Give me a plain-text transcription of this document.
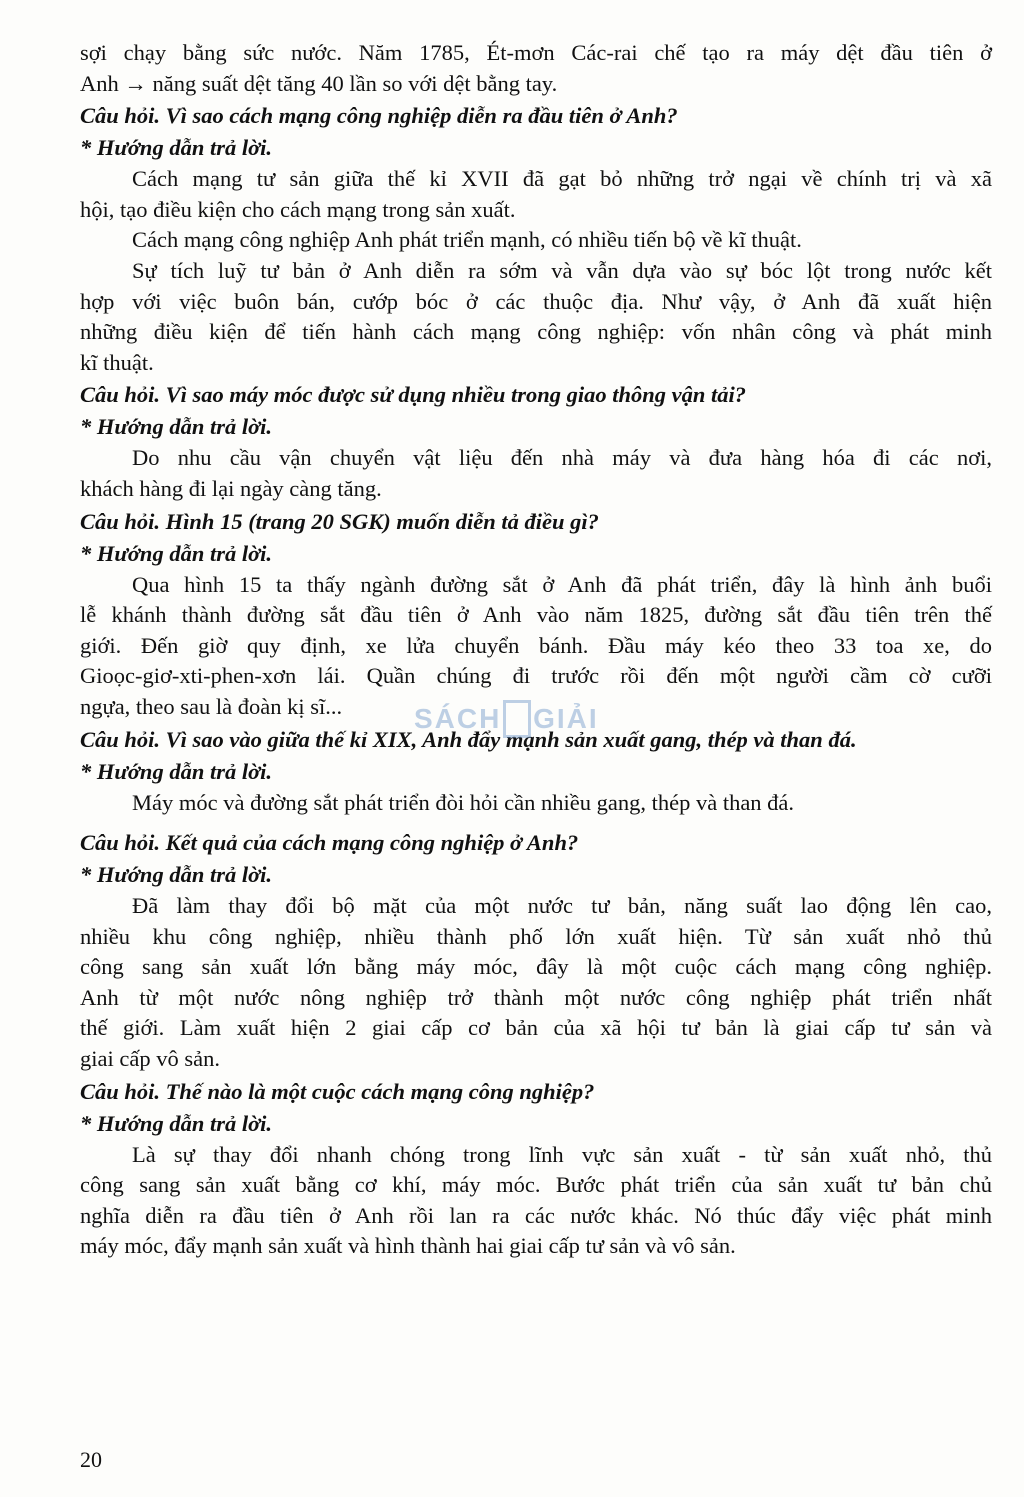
sợi chạy bằng sức nước. Năm 1785, Ét-mơn Các-rai chế tạo ra máy dệt đầu tiên ở
Anh → năng suất dệt tăng 40 lần so với dệt bằng tay.
Câu hỏi. Vì sao cách mạng công nghiệp diễn ra đầu tiên ở Anh?
* Hướng dẫn trả lời.
Cách mạng tư sản giữa thế kỉ XVII đã gạt bỏ những trở ngại về chính trị và xã
hội, tạo điều kiện cho cách mạng trong sản xuất.
Cách mạng công nghiệp Anh phát triển mạnh, có nhiều tiến bộ về kĩ thuật.
Sự tích luỹ tư bản ở Anh diễn ra sớm và vẫn dựa vào sự bóc lột trong nước kết
hợp với việc buôn bán, cướp bóc ở các thuộc địa. Như vậy, ở Anh đã xuất hiện
những điều kiện để tiến hành cách mạng công nghiệp: vốn nhân công và phát minh
kĩ thuật.
Câu hỏi. Vì sao máy móc được sử dụng nhiều trong giao thông vận tải?
* Hướng dẫn trả lời.
Do nhu cầu vận chuyển vật liệu đến nhà máy và đưa hàng hóa đi các nơi,
khách hàng đi lại ngày càng tăng.
Câu hỏi. Hình 15 (trang 20 SGK) muốn diễn tả điều gì?
* Hướng dẫn trả lời.
Qua hình 15 ta thấy ngành đường sắt ở Anh đã phát triển, đây là hình ảnh buổi
lễ khánh thành đường sắt đầu tiên ở Anh vào năm 1825, đường sắt đầu tiên trên thế
giới. Đến giờ quy định, xe lửa chuyển bánh. Đầu máy kéo theo 33 toa xe, do
Gioọc-giơ-xti-phen-xơn lái. Quần chúng đi trước rồi đến một người cầm cờ cưỡi
ngựa, theo sau là đoàn kị sĩ...
Câu hỏi. Vì sao vào giữa thế kỉ XIX, Anh đẩy mạnh sản xuất gang, thép và than đá.
* Hướng dẫn trả lời.
Máy móc và đường sắt phát triển đòi hỏi cần nhiều gang, thép và than đá.
Câu hỏi. Kết quả của cách mạng công nghiệp ở Anh?
* Hướng dẫn trả lời.
Đã làm thay đổi bộ mặt của một nước tư bản, năng suất lao động lên cao,
nhiều khu công nghiệp, nhiều thành phố lớn xuất hiện. Từ sản xuất nhỏ thủ
công sang sản xuất lớn bằng máy móc, đây là một cuộc cách mạng công nghiệp.
Anh từ một nước nông nghiệp trở thành một nước công nghiệp phát triển nhất
thế giới. Làm xuất hiện 2 giai cấp cơ bản của xã hội tư bản là giai cấp tư sản và
giai cấp vô sản.
Câu hỏi. Thế nào là một cuộc cách mạng công nghiệp?
* Hướng dẫn trả lời.
Là sự thay đổi nhanh chóng trong lĩnh vực sản xuất - từ sản xuất nhỏ, thủ
công sang sản xuất bằng cơ khí, máy móc. Bước phát triển của sản xuất tư bản chủ
nghĩa diễn ra đầu tiên ở Anh rồi lan ra các nước khác. Nó thúc đẩy việc phát minh
máy móc, đẩy mạnh sản xuất và hình thành hai giai cấp tư sản và vô sản.
SÁCH GIẢI
20
